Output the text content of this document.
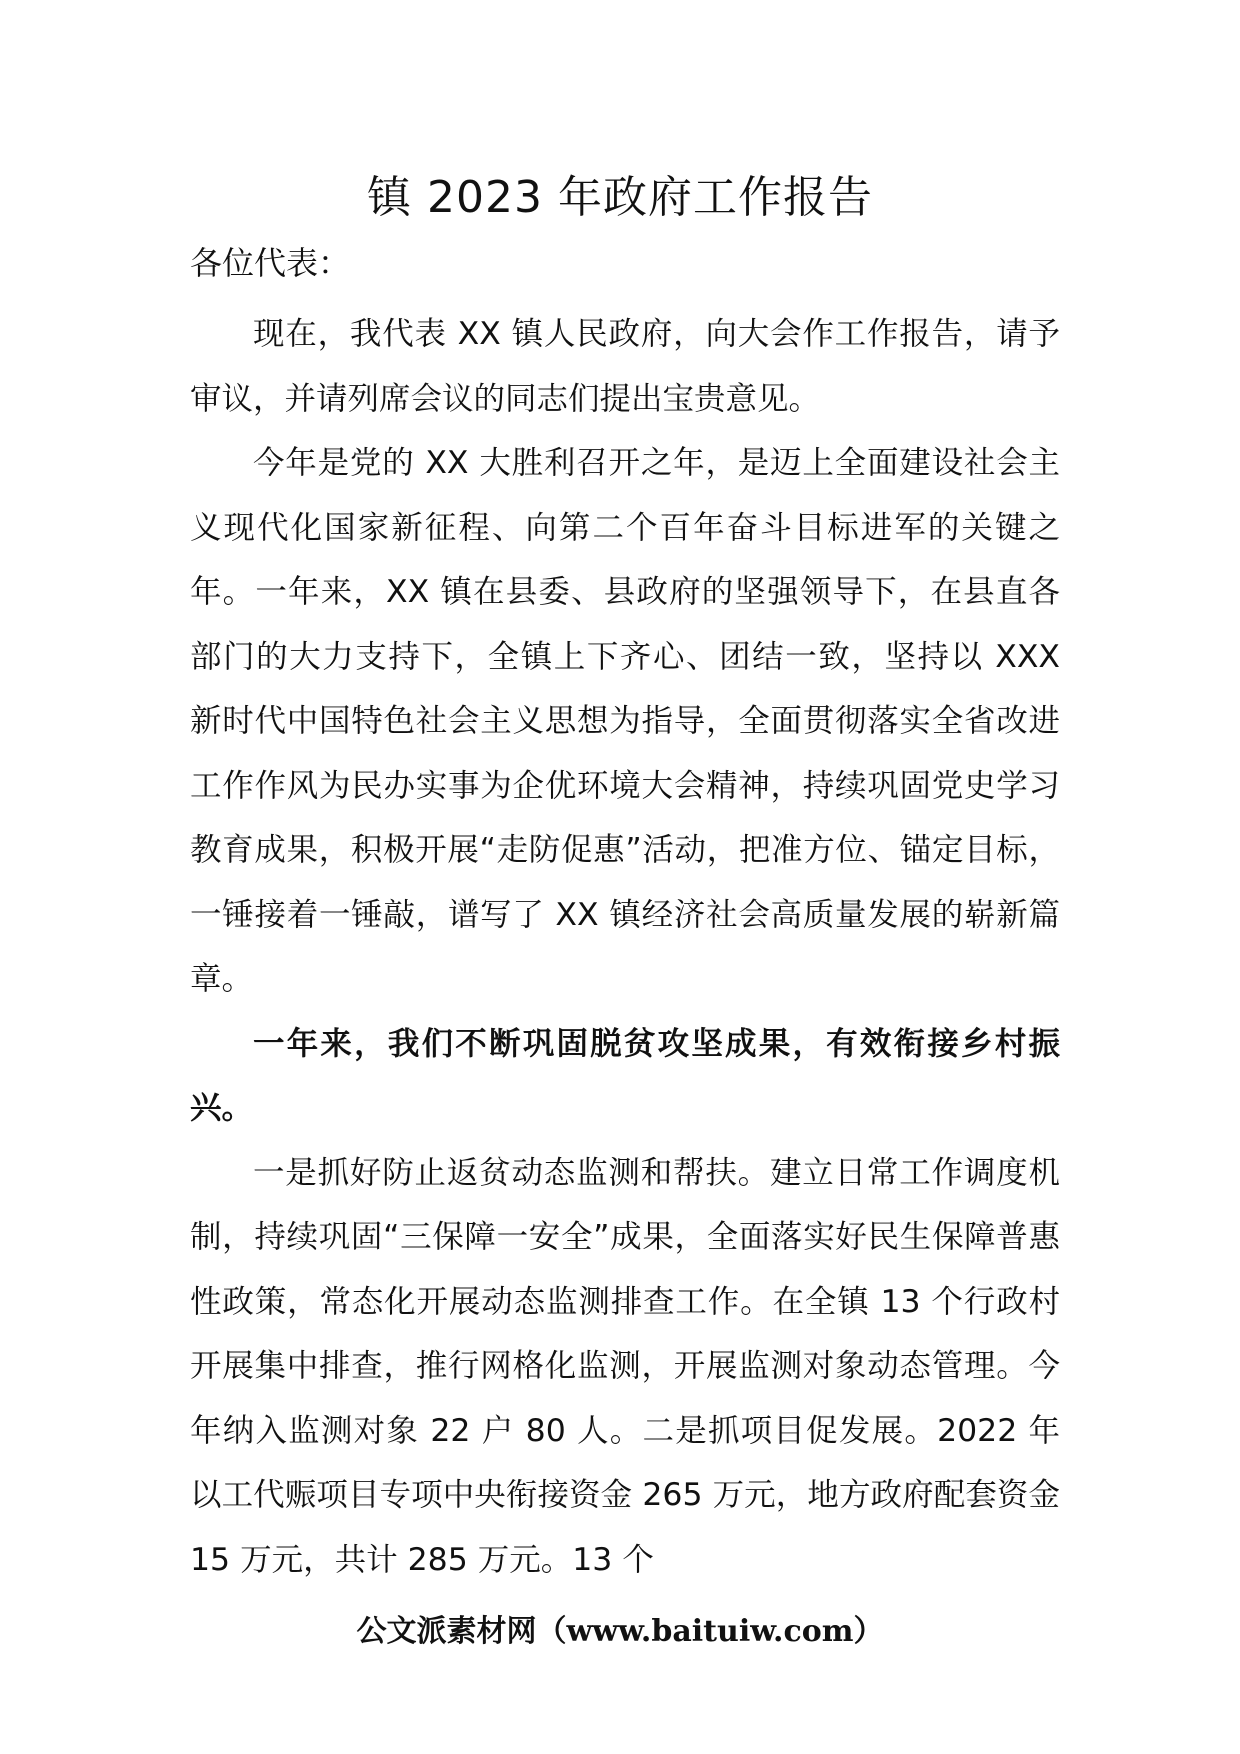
镇 2023 年政府工作报告

各位代表：

现在，我代表 XX 镇人民政府，向大会作工作报告，请予审议，并请列席会议的同志们提出宝贵意见。

今年是党的 XX 大胜利召开之年，是迈上全面建设社会主义现代化国家新征程、向第二个百年奋斗目标进军的关键之年。一年来，XX 镇在县委、县政府的坚强领导下，在县直各部门的大力支持下，全镇上下齐心、团结一致，坚持以 XXX 新时代中国特色社会主义思想为指导，全面贯彻落实全省改进工作作风为民办实事为企优环境大会精神，持续巩固党史学习教育成果，积极开展“走防促惠”活动，把准方位、锚定目标，一锤接着一锤敲，谱写了 XX 镇经济社会高质量发展的崭新篇章。

一年来，我们不断巩固脱贫攻坚成果，有效衔接乡村振兴。

一是抓好防止返贫动态监测和帮扶。建立日常工作调度机制，持续巩固“三保障一安全”成果，全面落实好民生保障普惠性政策，常态化开展动态监测排查工作。在全镇 13 个行政村开展集中排查，推行网格化监测，开展监测对象动态管理。今年纳入监测对象 22 户 80 人。二是抓项目促发展。2022 年以工代赈项目专项中央衔接资金 265 万元，地方政府配套资金 15 万元，共计 285 万元。13 个

公文派素材网（www.baituiw.com）
